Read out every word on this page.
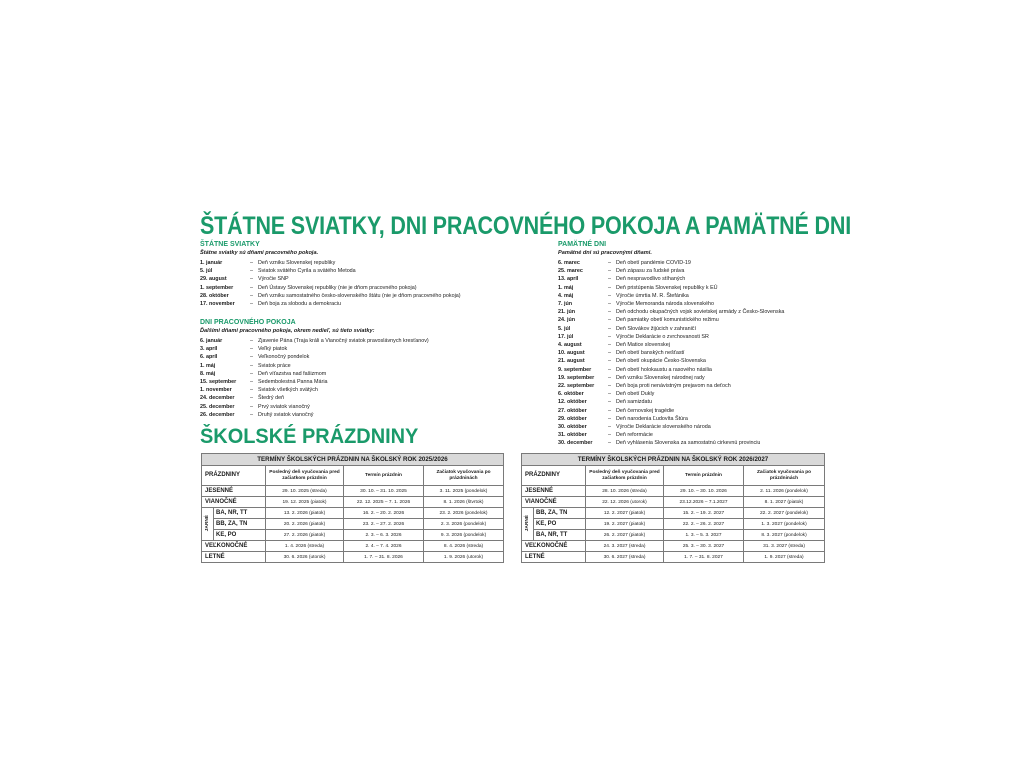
ŠTÁTNE SVIATKY, DNI PRACOVNÉHO POKOJA A PAMÄTNÉ DNI

ŠTÁTNE SVIATKY

Štátne sviatky sú dňami pracovného pokoja.

1. január	– Deň vzniku Slovenskej republiky
5. júl	– Sviatok svätého Cyrila a svätého Metoda
29. august	– Výročie SNP
1. september	– Deň Ústavy Slovenskej republiky (nie je dňom pracovného pokoja)
28. október	– Deň vzniku samostatného česko-slovenského štátu (nie je dňom pracovného pokoja)
17. november	– Deň boja za slobodu a demokraciu

DNI PRACOVNÉHO POKOJA

Ďalšími dňami pracovného pokoja, okrem nedieľ, sú tieto sviatky:

6. január	– Zjavenie Pána (Traja králi a Vianočný sviatok pravoslávnych kresťanov)
3. apríl	– Veľký piatok
6. apríl	– Veľkonočný pondelok
1. máj	– Sviatok práce
8. máj	– Deň víťazstva nad fašizmom
15. september	– Sedembolestná Panna Mária
1. november	– Sviatok všetkých svätých
24. december	– Štedrý deň
25. december	– Prvý sviatok vianočný
26. december	– Druhý sviatok vianočný

PAMÄTNÉ DNI

Pamätné dni sú pracovnými dňami.

6. marec	– Deň obetí pandémie COVID-19
25. marec	– Deň zápasu za ľudské práva
13. apríl	– Deň nespravodlivo stíhaných
1. máj	– Deň pristúpenia Slovenskej republiky k EÚ
4. máj	– Výročie úmrtia M. R. Štefánika
7. jún	– Výročie Memoranda národa slovenského
21. jún	– Deň odchodu okupačných vojsk sovietskej armády z Česko-Slovenska
24. jún	– Deň pamiatky obetí komunistického režimu
5. júl	– Deň Slovákov žijúcich v zahraničí
17. júl	– Výročie Deklarácie o zvrchovanosti SR
4. august	– Deň Matice slovenskej
10. august	– Deň obetí banských nešťastí
21. august	– Deň obetí okupácie Česko-Slovenska
9. september	– Deň obetí holokaustu a rasového násilia
19. september	– Deň vzniku Slovenskej národnej rady
22. september	– Deň boja proti nenávistným prejavom na deťoch
6. október	– Deň obetí Dukly
12. október	– Deň samizdatu
27. október	– Deň černovskej tragédie
29. október	– Deň narodenia Ľudovíta Štúra
30. október	– Výročie Deklarácie slovenského národa
31. október	– Deň reformácie
30. december	– Deň vyhlásenia Slovenska za samostatnú cirkevnú provinciu
ŠKOLSKÉ PRÁZDNINY
TERMÍNY ŠKOLSKÝCH PRÁZDNIN NA ŠKOLSKÝ ROK 2025/2026				
PRÁZDNINY		Posledný deň vyučovania pred začiatkom prázdnin	Termín prázdnin	Začiatok vyučovania po prázdninách
JESENNÉ		29. 10. 2025 (streda)	30. 10. – 31. 10. 2025	3. 11. 2025 (pondelok)
VIANOČNÉ		19. 12. 2025 (piatok)	22. 12. 2025 – 7. 1. 2026	8. 1. 2026 (štvrtok)
JARNÉ	BA, NR, TT	13. 2. 2026 (piatok)	16. 2. – 20. 2. 2026	23. 2. 2026 (pondelok)
	BB, ZA, TN	20. 2. 2026 (piatok)	23. 2. – 27. 2. 2026	2. 3. 2026 (pondelok)
	KE, PO	27. 2. 2026 (piatok)	2. 3. – 6. 3. 2026	9. 3. 2026 (pondelok)
VEĽKONOČNÉ		1. 4. 2026 (streda)	2. 4. – 7. 4. 2026	8. 4. 2026 (streda)
LETNÉ		30. 6. 2026 (utorok)	1. 7. – 31. 8. 2026	1. 9. 2026 (utorok)
TERMÍNY ŠKOLSKÝCH PRÁZDNIN NA ŠKOLSKÝ ROK 2026/2027				
PRÁZDNINY		Posledný deň vyučovania pred začiatkom prázdnin	Termín prázdnin	Začiatok vyučovania po prázdninách
JESENNÉ		28. 10. 2026 (streda)	29. 10. – 30. 10. 2026	2. 11. 2026 (pondelok)
VIANOČNÉ		22. 12. 2026 (utorok)	23.12.2026 – 7.1.2027	8. 1. 2027 (piatok)
JARNÉ	BB, ZA, TN	12. 2. 2027 (piatok)	15. 2. – 19. 2. 2027	22. 2. 2027 (pondelok)
	KE, PO	19. 2. 2027 (piatok)	22. 2. – 26. 2. 2027	1. 3. 2027 (pondelok)
	BA, NR, TT	26. 2. 2027 (piatok)	1. 3. – 5. 3. 2027	8. 3. 2027 (pondelok)
VEĽKONOČNÉ		24. 3. 2027 (streda)	25. 3. – 30. 3. 2027	31. 3. 2027 (streda)
LETNÉ		30. 6. 2027 (streda)	1. 7. – 31. 8. 2027	1. 9. 2027 (streda)
